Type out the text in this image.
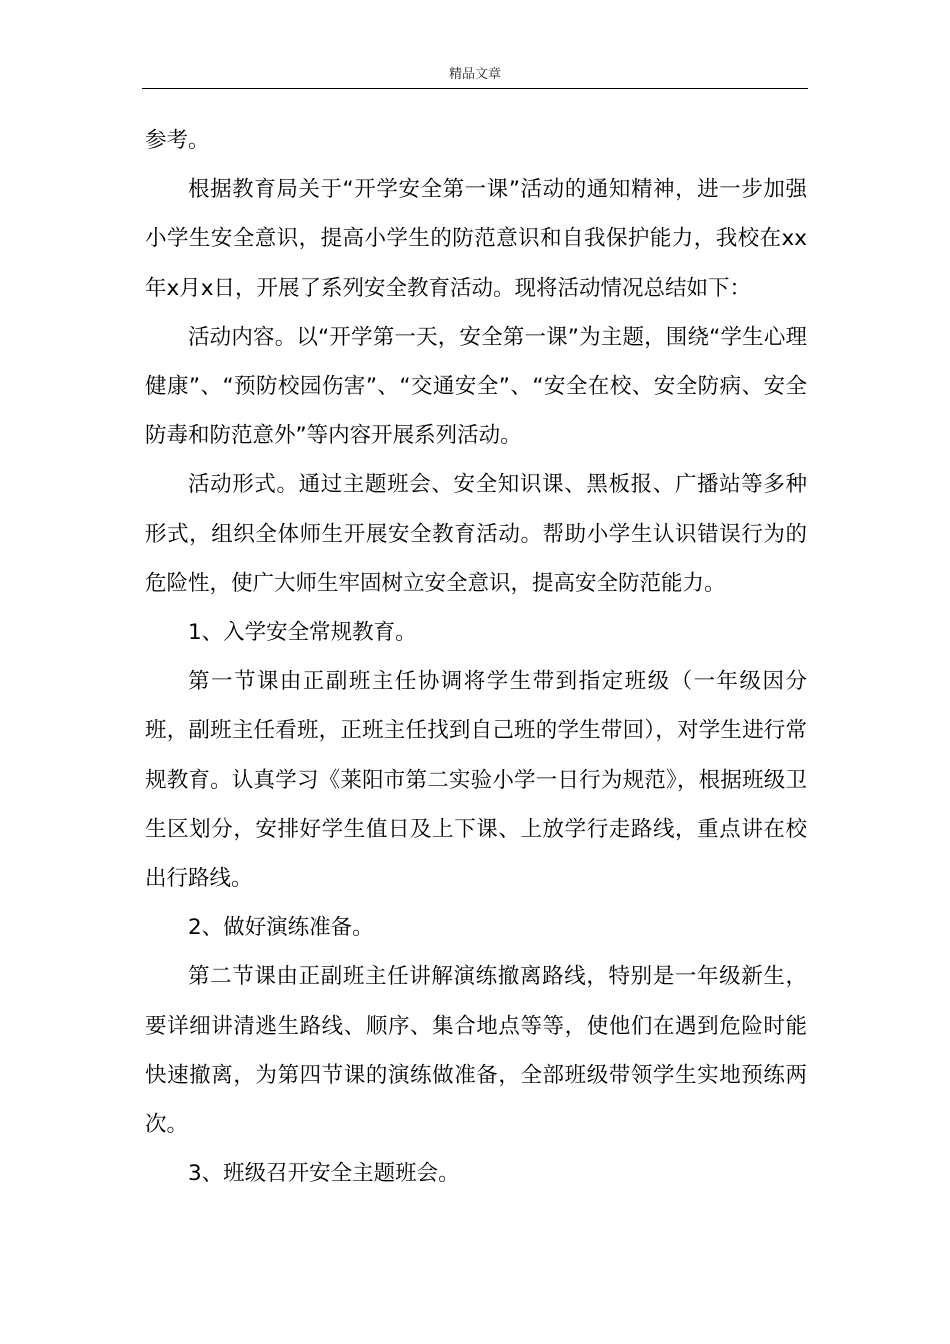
精品文章

参考。

根据教育局关于“开学安全第一课”活动的通知精神，进一步加强小学生安全意识，提高小学生的防范意识和自我保护能力，我校在xx年x月x日，开展了系列安全教育活动。现将活动情况总结如下：

活动内容。以“开学第一天，安全第一课”为主题，围绕“学生心理健康”、“预防校园伤害”、“交通安全”、“安全在校、安全防病、安全防毒和防范意外”等内容开展系列活动。

活动形式。通过主题班会、安全知识课、黑板报、广播站等多种形式，组织全体师生开展安全教育活动。帮助小学生认识错误行为的危险性，使广大师生牢固树立安全意识，提高安全防范能力。

1、入学安全常规教育。

第一节课由正副班主任协调将学生带到指定班级（一年级因分班，副班主任看班，正班主任找到自己班的学生带回），对学生进行常规教育。认真学习《莱阳市第二实验小学一日行为规范》，根据班级卫生区划分，安排好学生值日及上下课、上放学行走路线，重点讲在校出行路线。

2、做好演练准备。

第二节课由正副班主任讲解演练撤离路线，特别是一年级新生，要详细讲清逃生路线、顺序、集合地点等等，使他们在遇到危险时能快速撤离，为第四节课的演练做准备，全部班级带领学生实地预练两次。

3、班级召开安全主题班会。
